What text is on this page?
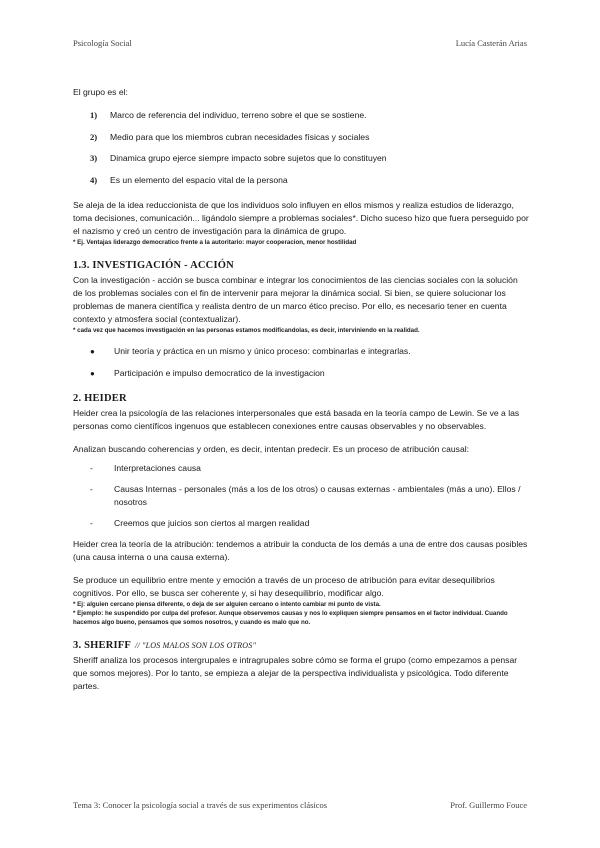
Psicología Social	Lucía Casterán Arias

El grupo es el:

1)	Marco de referencia del individuo, terreno sobre el que se sostiene.
2)	Medio para que los miembros cubran necesidades físicas y sociales
3)	Dinamica grupo ejerce siempre impacto sobre sujetos que lo constituyen
4)	Es un elemento del espacio vital de la persona

Se aleja de la idea reduccionista de que los individuos solo influyen en ellos mismos y realiza estudios de liderazgo, toma decisiones, comunicación... ligándolo siempre a problemas sociales*. Dicho suceso hizo que fuera perseguido por el nazismo y creó un centro de investigación para la dinámica de grupo.

* Ej. Ventajas liderazgo democratico frente a la autoritario: mayor cooperacion, menor hostilidad

1.3. INVESTIGACIÓN - ACCIÓN

Con la investigación - acción se busca combinar e integrar los conocimientos de las ciencias sociales con la solución de los problemas sociales con el fin de intervenir para mejorar la dinámica social. Si bien, se quiere solucionar los problemas de manera científica y realista dentro de un marco ético preciso. Por ello, es necesario tener en cuenta contexto y atmosfera social (contextualizar).

* cada vez que hacemos investigación en las personas estamos modificandolas, es decir, interviniendo en la realidad.

●	Unir teoría y práctica en un mismo y único proceso: combinarlas e integrarlas.
●	Participación e impulso democratico de la investigacion
2. HEIDER

Heider crea la psicología de las relaciones interpersonales que está basada en la teoría campo de Lewin. Se ve a las personas como científicos ingenuos que establecen conexiones entre causas observables y no observables.

Analizan buscando coherencias y orden, es decir, intentan predecir. Es un proceso de atribución causal:

-	Interpretaciones causa
-	Causas Internas - personales (más a los de los otros) o causas externas - ambientales (más a uno). Ellos / nosotros
-	Creemos que juicios son ciertos al margen realidad

Heider crea la teoría de la atribución: tendemos a atribuir la conducta de los demás a una de entre dos causas posibles (una causa interna o una causa externa).

Se produce un equilibrio entre mente y emoción a través de un proceso de atribución para evitar desequilibrios cognitivos. Por ello, se busca ser coherente y, si hay desequilibrio, modificar algo.

* Ej: alguien cercano piensa diferente, o deja de ser alguien cercano o intento cambiar mi punto de vista.

* Ejemplo: he suspendido por culpa del profesor. Aunque observemos causas y nos lo expliquen siempre pensamos en el factor individual. Cuando hacemos algo bueno, pensamos que somos nosotros, y cuando es malo que no.

3. SHERIFF // "LOS MALOS SON LOS OTROS"

Sheriff analiza los procesos intergrupales e intragrupales sobre cómo se forma el grupo (como empezamos a pensar que somos mejores). Por lo tanto, se empieza a alejar de la perspectiva individualista y psicológica. Todo diferente partes.

Tema 3: Conocer la psicología social a través de sus experimentos clásicos	Prof. Guillermo Fouce
